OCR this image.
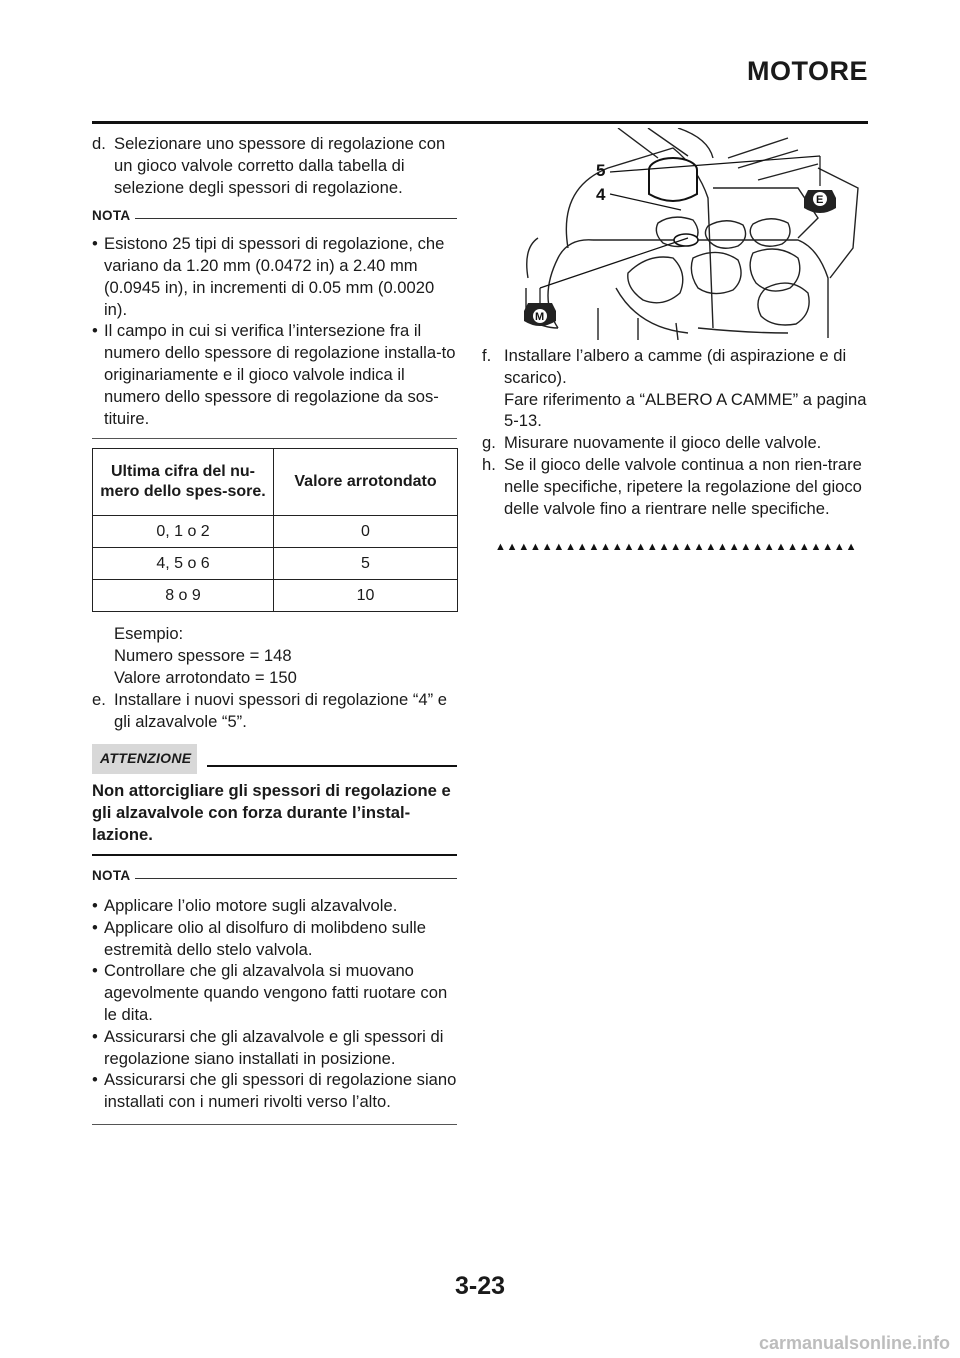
MOTORE
d. Selezionare uno spessore di regolazione con un gioco valvole corretto dalla tabella di selezione degli spessori di regolazione.

NOTA
• Esistono 25 tipi di spessori di regolazione, che variano da 1.20 mm (0.0472 in) a 2.40 mm (0.0945 in), in incrementi di 0.05 mm (0.0020 in).

• Il campo in cui si verifica l’intersezione fra il numero dello spessore di regolazione installa-to originariamente e il gioco valvole indica il numero dello spessore di regolazione da sos-tituire.

Ultima cifra del nu-mero dello spes-sore.	Valore arrotondato
0, 1 o 2	0
4, 5 o 6	5
8 o 9	10

Esempio:

Numero spessore = 148

Valore arrotondato = 150

e. Installare i nuovi spessori di regolazione “4” e gli alzavalvole “5”.

ATTENZIONE

Non attorcigliare gli spessori di regolazione e gli alzavalvole con forza durante l’instal-lazione.

NOTA
• Applicare l’olio motore sugli alzavalvole.

• Applicare olio al disolfuro di molibdeno sulle estremità dello stelo valvola.

• Controllare che gli alzavalvola si muovano agevolmente quando vengono fatti ruotare con le dita.

• Assicurarsi che gli alzavalvole e gli spessori di regolazione siano installati in posizione.

• Assicurarsi che gli spessori di regolazione siano installati con i numeri rivolti verso l’alto.

5
4	E
M
f. Installare l’albero a camme (di aspirazione e di scarico).

Fare riferimento a “ALBERO A CAMME” a pagina 5-13.

g. Misurare nuovamente il gioco delle valvole.

h. Se il gioco delle valvole continua a non rien-trare nelle specifiche, ripetere la regolazione del gioco delle valvole fino a rientrare nelle specifiche.

▲▲▲▲▲▲▲▲▲▲▲▲▲▲▲▲▲▲▲▲▲▲▲▲▲▲▲▲▲▲▲
3-23
carmanualsonline.info
